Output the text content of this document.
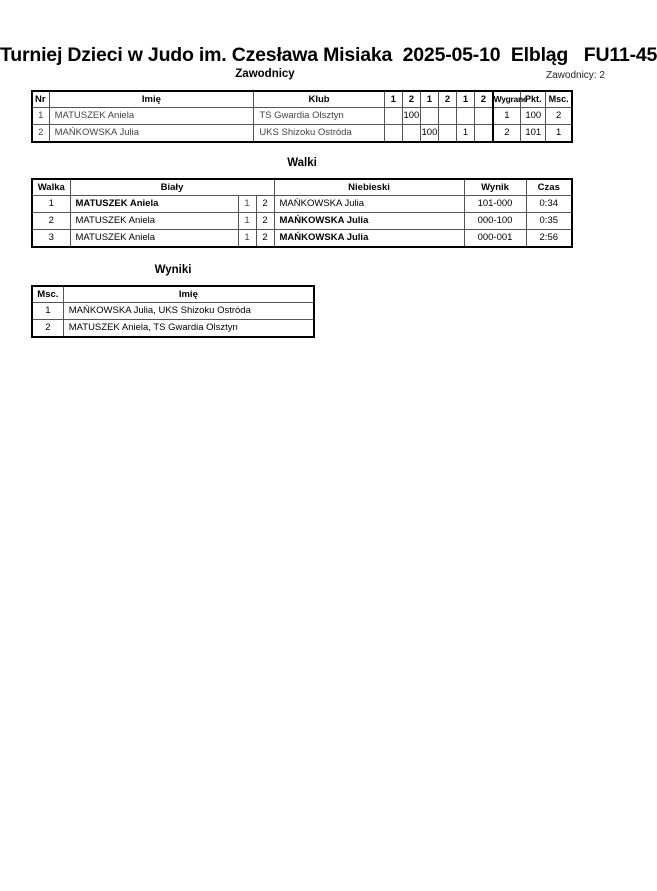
Turniej Dzieci w Judo im. Czesława Misiaka 2025-05-10 Elbląg FU11-45
Zawodnicy	Zawodnicy: 2
Nr	Imię	Klub	1	2	1	2	1	2	Wygrane	Pkt.	Msc.
1	MATUSZEK Aniela	TS Gwardia Olsztyn		100					1	100	2
2	MAŃKOWSKA Julia	UKS Shizoku Ostróda			100		1		2	101	1
Walki
Walka	Biały			Niebieski	Wynik	Czas
1	MATUSZEK Aniela	1	2	MAŃKOWSKA Julia	101-000	0:34
2	MATUSZEK Aniela	1	2	MAŃKOWSKA Julia	000-100	0:35
3	MATUSZEK Aniela	1	2	MAŃKOWSKA Julia	000-001	2:56
Wyniki
Msc.	Imię
1	MAŃKOWSKA Julia, UKS Shizoku Ostróda
2	MATUSZEK Aniela, TS Gwardia Olsztyn
